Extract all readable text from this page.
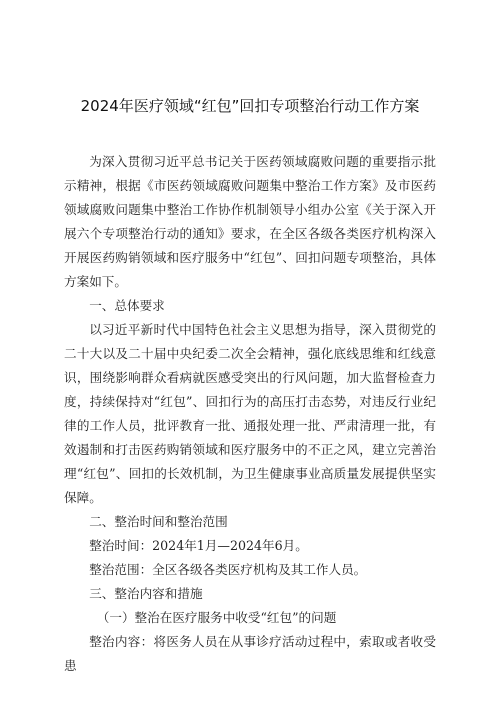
2024年医疗领域“红包”回扣专项整治行动工作方案

为深入贯彻习近平总书记关于医药领域腐败问题的重要指示批示精神，根据《市医药领域腐败问题集中整治工作方案》及市医药领域腐败问题集中整治工作协作机制领导小组办公室《关于深入开展六个专项整治行动的通知》要求，在全区各级各类医疗机构深入开展医药购销领域和医疗服务中“红包”、回扣问题专项整治，具体方案如下。

一、总体要求

以习近平新时代中国特色社会主义思想为指导，深入贯彻党的二十大以及二十届中央纪委二次全会精神，强化底线思维和红线意识，围绕影响群众看病就医感受突出的行风问题，加大监督检查力度，持续保持对“红包”、回扣行为的高压打击态势，对违反行业纪律的工作人员，批评教育一批、通报处理一批、严肃清理一批，有效遏制和打击医药购销领域和医疗服务中的不正之风，建立完善治理“红包”、回扣的长效机制，为卫生健康事业高质量发展提供坚实保障。

二、整治时间和整治范围

整治时间：2024年1月—2024年6月。

整治范围：全区各级各类医疗机构及其工作人员。

三、整治内容和措施

（一）整治在医疗服务中收受“红包”的问题

整治内容：将医务人员在从事诊疗活动过程中，索取或者收受患
